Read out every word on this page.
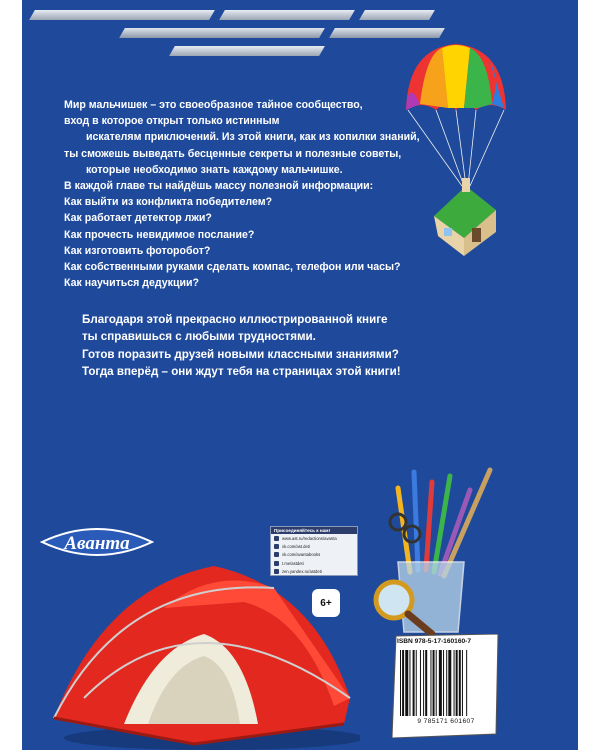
Мир мальчишек – это своеобразное тайное сообщество,
вход в которое открыт только истинным
искателям приключений. Из этой книги, как из копилки знаний,
ты сможешь выведать бесценные секреты и полезные советы,
которые необходимо знать каждому мальчишке.
В каждой главе ты найдёшь массу полезной информации:
Как выйти из конфликта победителем?
Как работает детектор лжи?
Как прочесть невидимое послание?
Как изготовить фоторобот?
Как собственными руками сделать компас, телефон или часы?
Как научиться дедукции?
Благодаря этой прекрасно иллюстрированной книге
ты справишься с любыми трудностями.
Готов поразить друзей новыми классными знаниями?
Тогда вперёд – они ждут тебя на страницах этой книги!
Аванта
Присоединяйтесь к нам!
www.ast.ru/redactions/avanta
vk.com/ast.deti
vk.com/avantabooks
t.me/astdeti
zen.yandex.ru/astdeti
6+
ISBN 978-5-17-160160-7
9 785171 601607
